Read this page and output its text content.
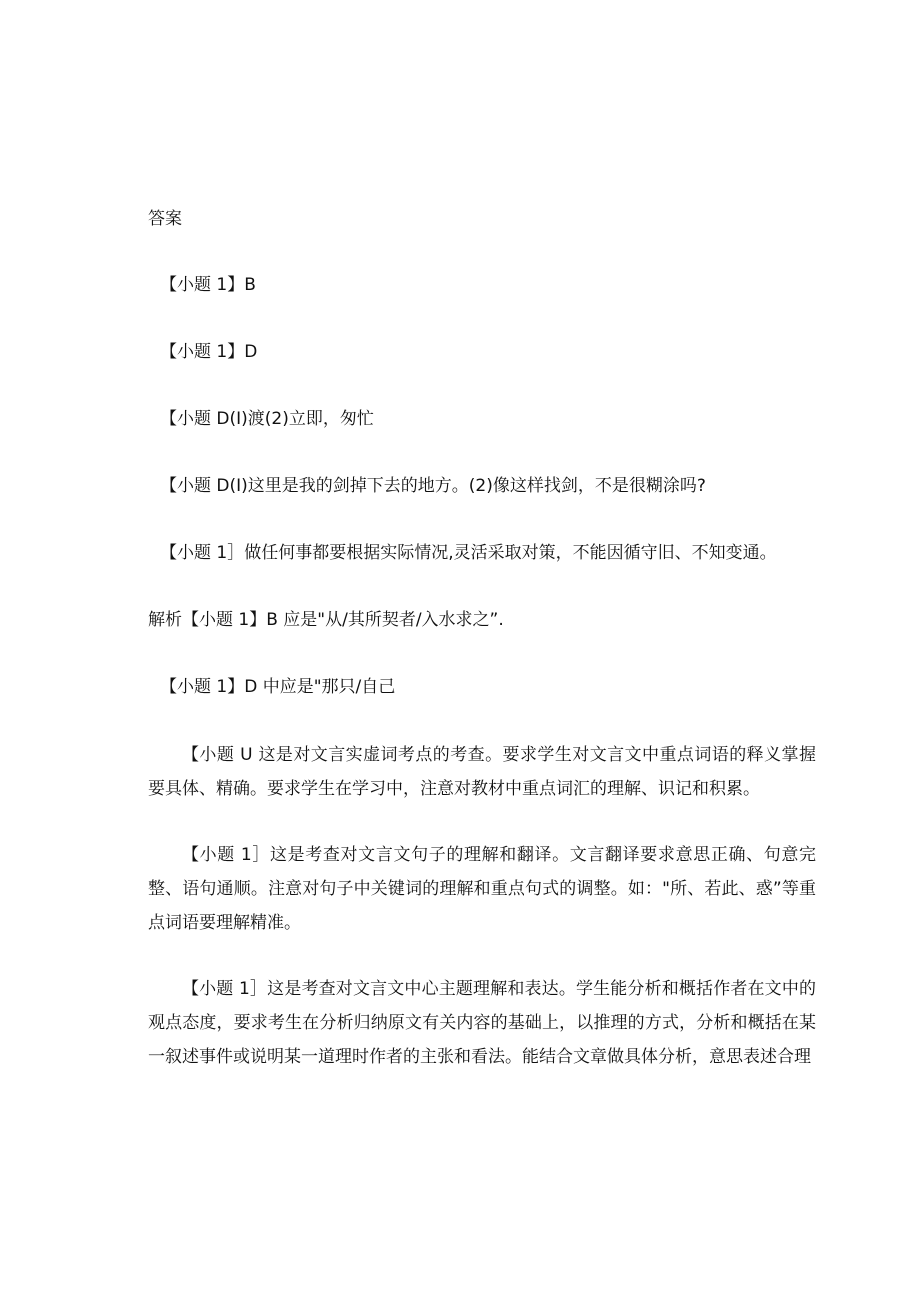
答案
【小题 1】B
【小题 1】D
【小题 D(I)渡(2)立即，匆忙
【小题 D(I)这里是我的剑掉下去的地方。(2)像这样找剑，不是很糊涂吗?
【小题 1］做任何事都要根据实际情况,灵活采取对策，不能因循守旧、不知变通。
解析【小题 1】B 应是"从/其所契者/入水求之”.
【小题 1】D 中应是"那只/自己
【小题 U 这是对文言实虚词考点的考查。要求学生对文言文中重点词语的释义掌握要具体、精确。要求学生在学习中，注意对教材中重点词汇的理解、识记和积累。
【小题 1］这是考查对文言文句子的理解和翻译。文言翻译要求意思正确、句意完整、语句通顺。注意对句子中关键词的理解和重点句式的调整。如："所、若此、惑”等重点词语要理解精准。
【小题 1］这是考查对文言文中心主题理解和表达。学生能分析和概括作者在文中的观点态度，要求考生在分析归纳原文有关内容的基础上，以推理的方式，分析和概括在某一叙述事件或说明某一道理时作者的主张和看法。能结合文章做具体分析，意思表述合理
